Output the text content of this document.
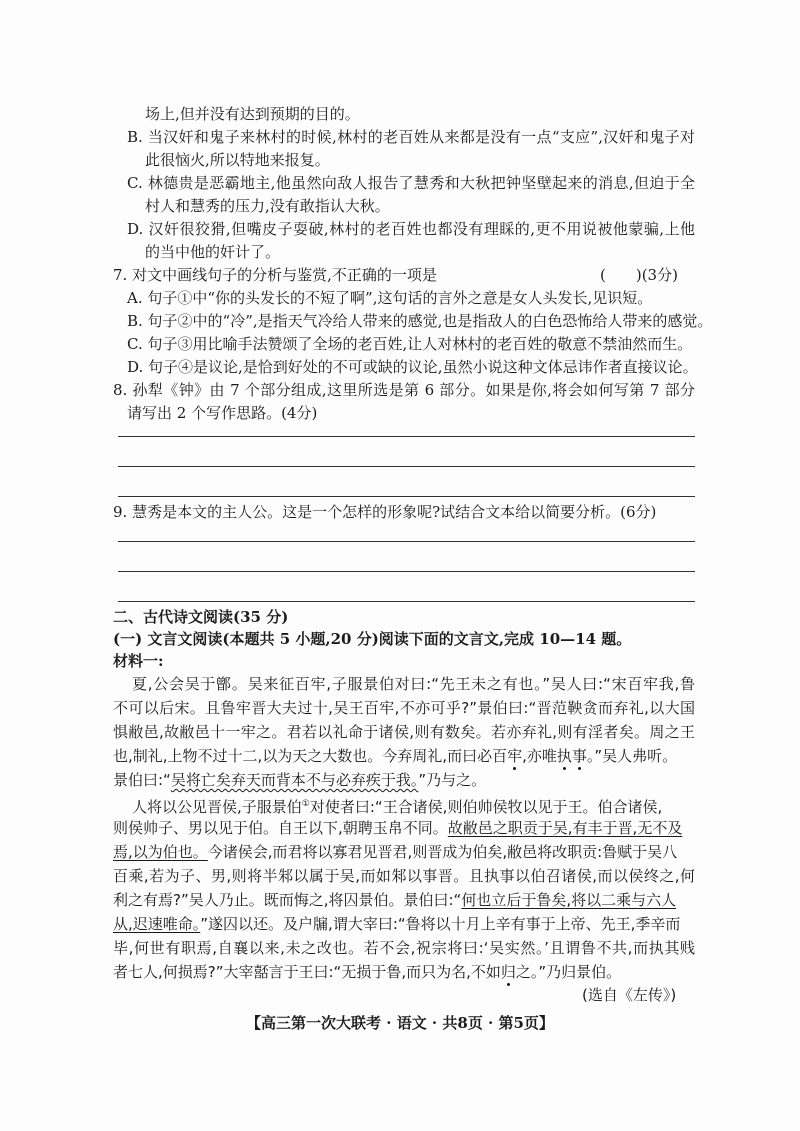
场上,但并没有达到预期的目的。
B. 当汉奸和鬼子来林村的时候,林村的老百姓从来都是没有一点“支应”,汉奸和鬼子对
此很恼火,所以特地来报复。
C. 林德贵是恶霸地主,他虽然向敌人报告了慧秀和大秋把钟坚壁起来的消息,但迫于全
村人和慧秀的压力,没有敢指认大秋。
D. 汉奸很狡猾,但嘴皮子耍破,林村的老百姓也都没有理睬的,更不用说被他蒙骗,上他
的当中他的奸计了。
7. 对文中画线句子的分析与鉴赏,不正确的一项是	(　　)(3分)
A. 句子①中“你的头发长的不短了啊”,这句话的言外之意是女人头发长,见识短。
B. 句子②中的“冷”,是指天气冷给人带来的感觉,也是指敌人的白色恐怖给人带来的感觉。
C. 句子③用比喻手法赞颂了全场的老百姓,让人对林村的老百姓的敬意不禁油然而生。
D. 句子④是议论,是恰到好处的不可或缺的议论,虽然小说这种文体忌讳作者直接议论。
8. 孙犁《钟》由 7 个部分组成,这里所选是第 6 部分。如果是你,将会如何写第 7 部分
请写出 2 个写作思路。(4分)
9. 慧秀是本文的主人公。这是一个怎样的形象呢?试结合文本给以简要分析。(6分)
二、古代诗文阅读(35 分)
(一) 文言文阅读(本题共 5 小题,20 分)阅读下面的文言文,完成 10—14 题。
材料一:
夏,公会吴于鄫。吴来征百牢,子服景伯对曰:“先王未之有也。”吴人曰:“宋百牢我,鲁
不可以后宋。且鲁牢晋大夫过十,吴王百牢,不亦可乎?”景伯曰:“晋范鞅贪而弃礼,以大国
惧敝邑,故敝邑十一牢之。君若以礼命于诸侯,则有数矣。若亦弃礼,则有淫者矣。周之王
也,制礼,上物不过十二,以为天之大数也。今弃周礼,而曰必百牢,亦唯执事。”吴人弗听。
景伯曰:“吴将亡矣弃天而背本不与必弃疾于我。”乃与之。
人将以公见晋侯,子服景伯①对使者曰:“王合诸侯,则伯帅侯牧以见于王。伯合诸侯,
则侯帅子、男以见于伯。自王以下,朝聘玉帛不同。故敝邑之职贡于吴,有丰于晋,无不及
焉,以为伯也。今诸侯会,而君将以寡君见晋君,则晋成为伯矣,敝邑将改职贡:鲁赋于吴八
百乘,若为子、男,则将半邾以属于吴,而如邾以事晋。且执事以伯召诸侯,而以侯终之,何
利之有焉?”吴人乃止。既而悔之,将囚景伯。景伯曰:“何也立后于鲁矣,将以二乘与六人
从,迟速唯命。”遂囚以还。及户牖,谓大宰曰:“鲁将以十月上辛有事于上帝、先王,季辛而
毕,何世有职焉,自襄以来,未之改也。若不会,祝宗将曰:‘吴实然。’且谓鲁不共,而执其贱
者七人,何损焉?”大宰嚭言于王曰:“无损于鲁,而只为名,不如归之。”乃归景伯。
(选自《左传》)
【高三第一次大联考 · 语文 · 共8页 · 第5页】
